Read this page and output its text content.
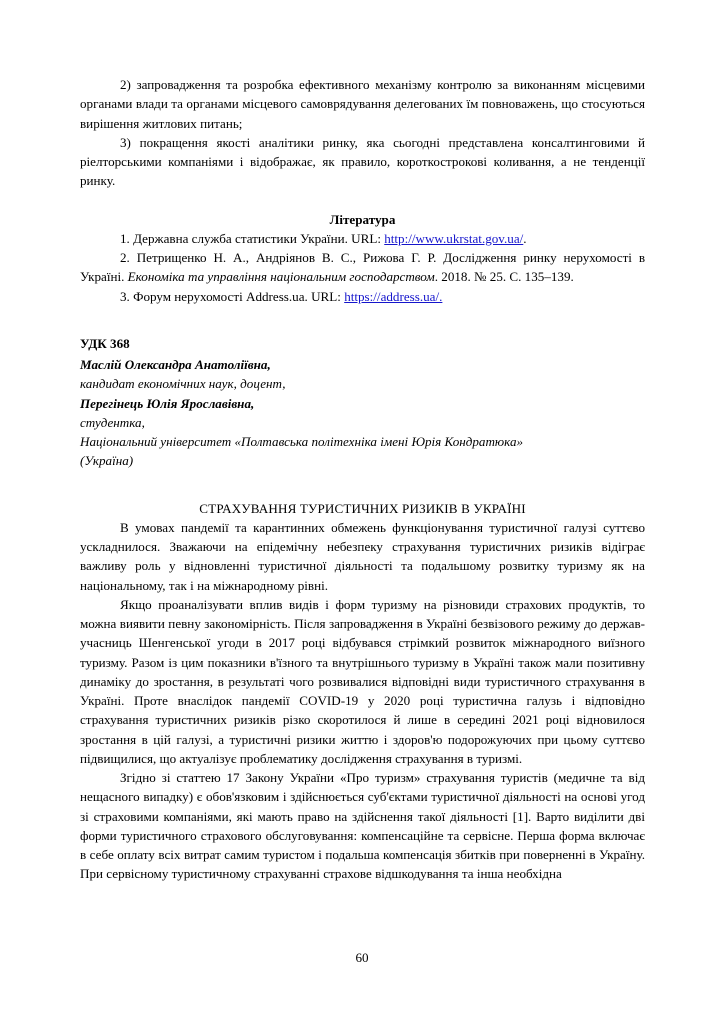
2) запровадження та розробка ефективного механізму контролю за виконанням місцевими органами влади та органами місцевого самоврядування делегованих їм повноважень, що стосуються вирішення житлових питань;
3) покращення якості аналітики ринку, яка сьогодні представлена консалтинговими й ріелторськими компаніями і відображає, як правило, короткострокові коливання, а не тенденції ринку.
Література
1. Державна служба статистики України. URL: http://www.ukrstat.gov.ua/.
2. Петрищенко Н. А., Андріянов В. С., Рижова Г. Р. Дослідження ринку нерухомості в Україні. Економіка та управління національним господарством. 2018. № 25. С. 135–139.
3. Форум нерухомості Address.ua. URL: https://address.ua/.
УДК 368
Маслій Олександра Анатоліївна,
кандидат економічних наук, доцент,
Перегінець Юлія Ярославівна,
студентка,
Національний університет «Полтавська політехніка імені Юрія Кондратюка»
(Україна)
СТРАХУВАННЯ ТУРИСТИЧНИХ РИЗИКІВ В УКРАЇНІ
В умовах пандемії та карантинних обмежень функціонування туристичної галузі суттєво ускладнилося. Зважаючи на епідемічну небезпеку страхування туристичних ризиків відіграє важливу роль у відновленні туристичної діяльності та подальшому розвитку туризму як на національному, так і на міжнародному рівні.
Якщо проаналізувати вплив видів і форм туризму на різновиди страхових продуктів, то можна виявити певну закономірність. Після запровадження в Україні безвізового режиму до держав-учасниць Шенгенської угоди в 2017 році відбувався стрімкий розвиток міжнародного виїзного туризму. Разом із цим показники в'їзного та внутрішнього туризму в Україні також мали позитивну динаміку до зростання, в результаті чого розвивалися відповідні види туристичного страхування в Україні. Проте внаслідок пандемії COVID-19 у 2020 році туристична галузь і відповідно страхування туристичних ризиків різко скоротилося й лише в середині 2021 році відновилося зростання в цій галузі, а туристичні ризики життю і здоров'ю подорожуючих при цьому суттєво підвищилися, що актуалізує проблематику дослідження страхування в туризмі.
Згідно зі статтею 17 Закону України «Про туризм» страхування туристів (медичне та від нещасного випадку) є обов'язковим і здійснюється суб'єктами туристичної діяльності на основі угод зі страховими компаніями, які мають право на здійснення такої діяльності [1]. Варто виділити дві форми туристичного страхового обслуговування: компенсаційне та сервісне. Перша форма включає в себе оплату всіх витрат самим туристом і подальша компенсація збитків при поверненні в Україну. При сервісному туристичному страхуванні страхове відшкодування та інша необхідна
60
